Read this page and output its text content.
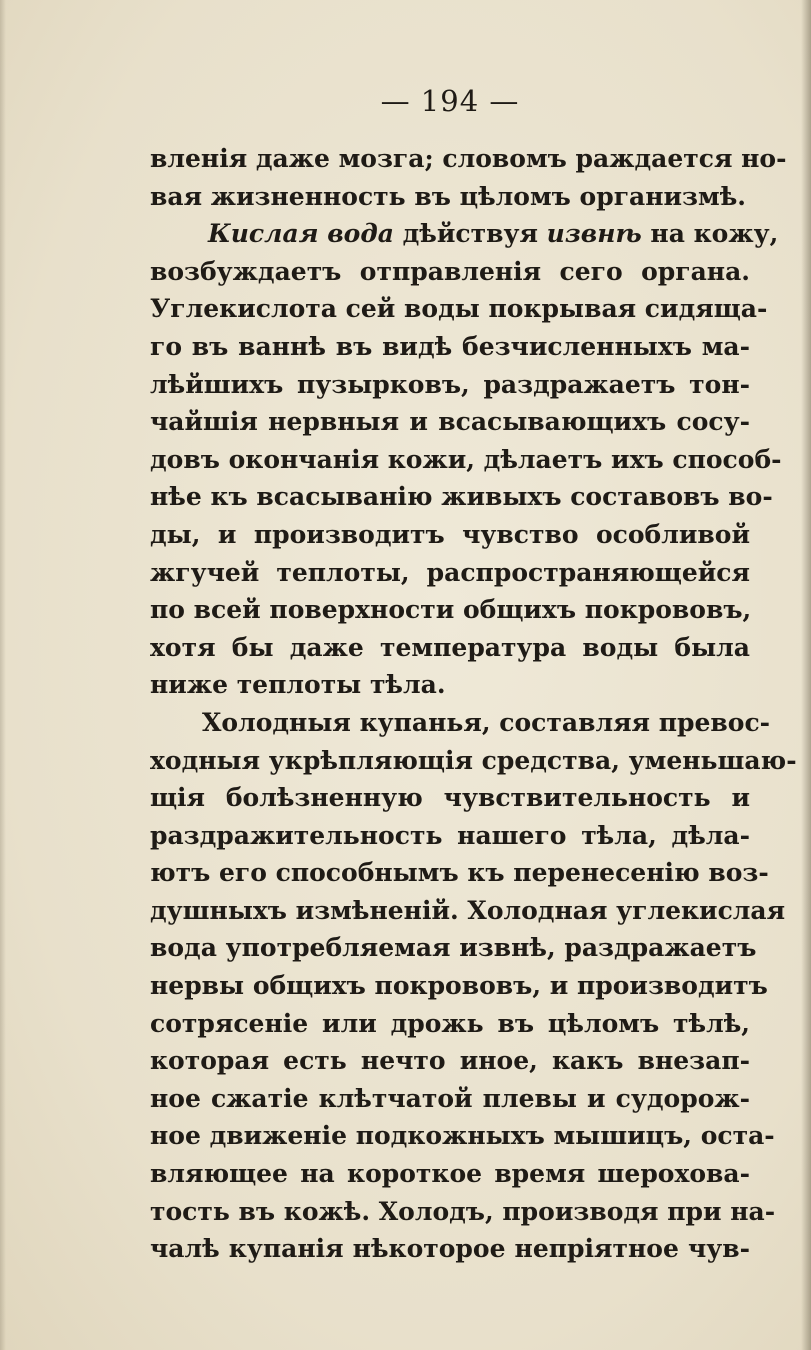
— 194 —
вленія даже мозга; словомъ раждается но-
вая жизненность въ цѣломъ организмѣ.
Кислая вода дѣйствуя извнѣ на кожу,
возбуждаетъ отправленія сего органа.
Углекислота сей воды покрывая сидяща-
го въ ваннѣ въ видѣ безчисленныхъ ма-
лѣйшихъ пузырковъ, раздражаетъ тон-
чайшія нервныя и всасывающихъ сосу-
довъ окончанія кожи, дѣлаетъ ихъ способ-
нѣе къ всасыванію живыхъ составовъ во-
ды, и производитъ чувство особливой
жгучей теплоты, распространяющейся
по всей поверхности общихъ покрововъ,
хотя бы даже температура воды была
ниже теплоты тѣла.
Холодныя купанья, составляя превос-
ходныя укрѣпляющія средства, уменьшаю-
щія болѣзненную чувствительность и
раздражительность нашего тѣла, дѣла-
ютъ его способнымъ къ перенесенію воз-
душныхъ измѣненій. Холодная углекислая
вода употребляемая извнѣ, раздражаетъ
нервы общихъ покрововъ, и производитъ
сотрясеніе или дрожь въ цѣломъ тѣлѣ,
которая есть нечто иное, какъ внезап-
ное сжатіе клѣтчатой плевы и судорож-
ное движеніе подкожныхъ мышицъ, оста-
вляющее на короткое время шерохова-
тость въ кожѣ. Холодъ, производя при на-
чалѣ купанія нѣкоторое непріятное чув-
